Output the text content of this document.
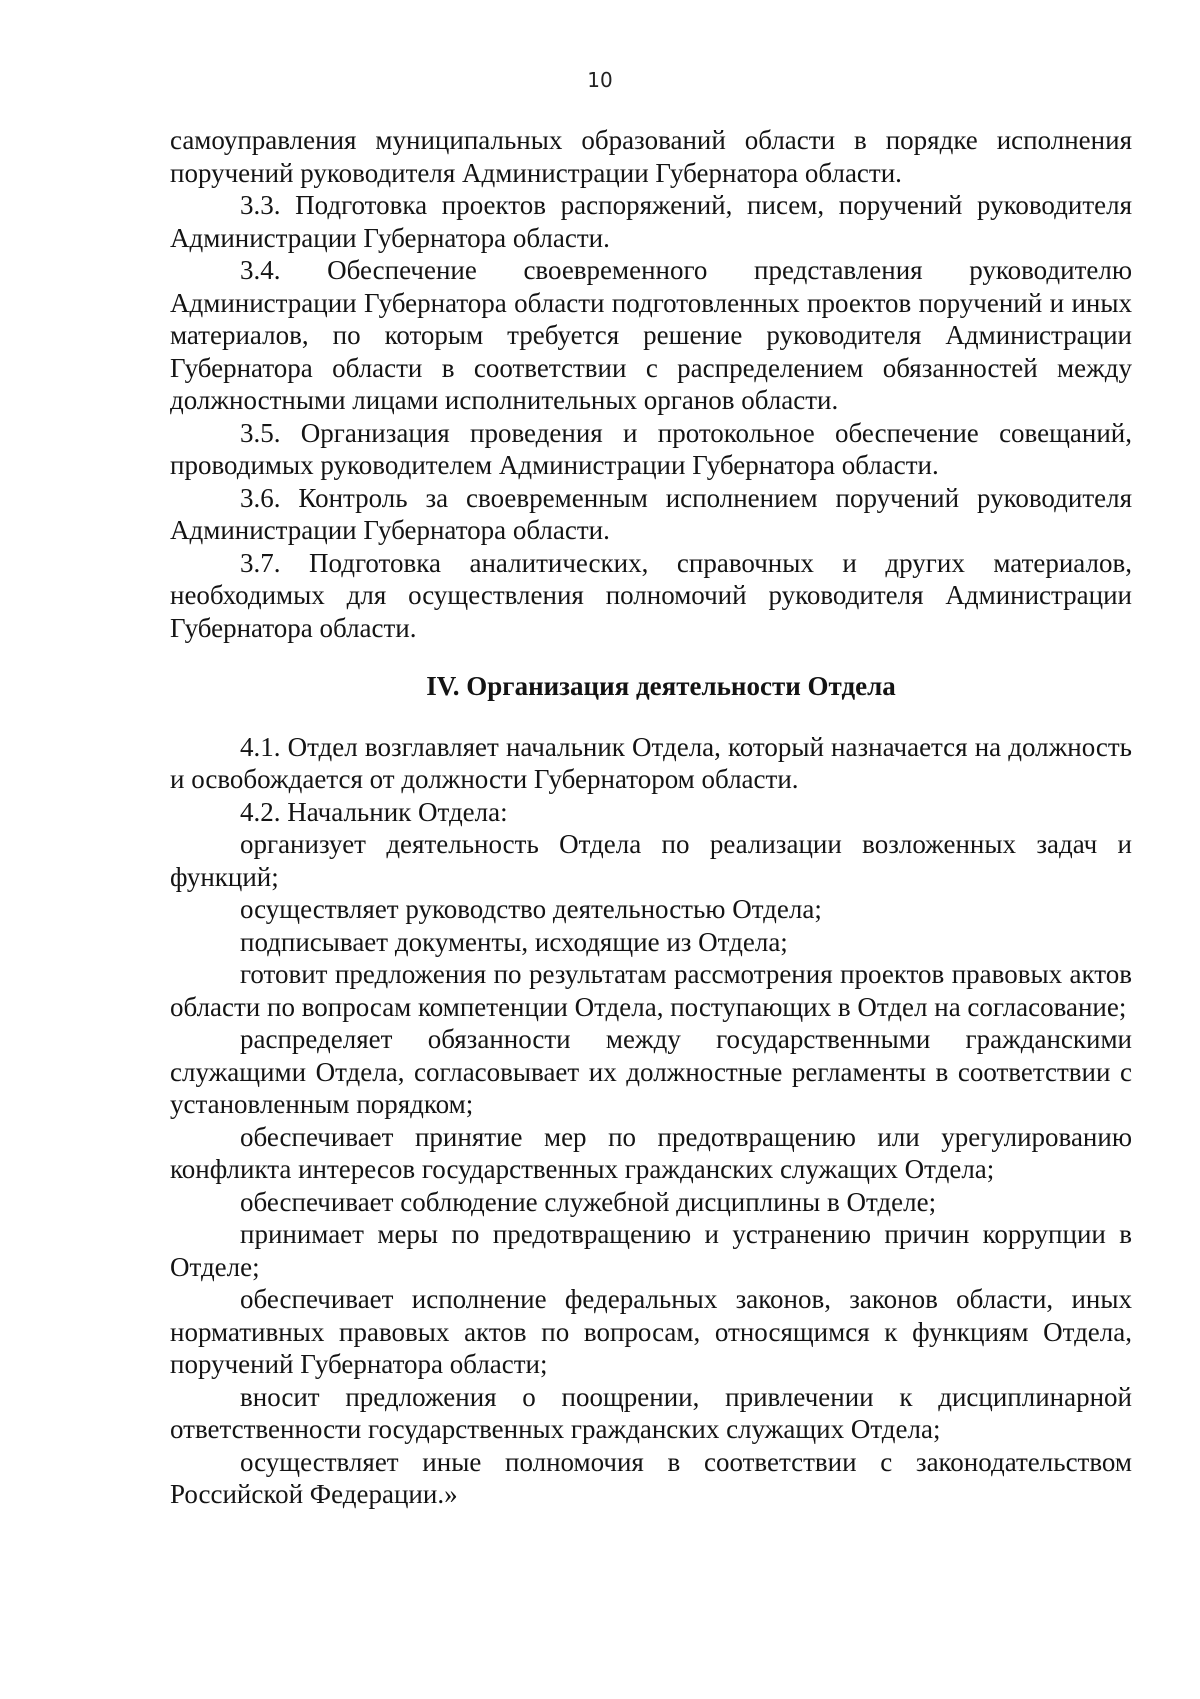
10

самоуправления муниципальных образований области в порядке исполнения поручений руководителя Администрации Губернатора области.

3.3. Подготовка проектов распоряжений, писем, поручений руководителя Администрации Губернатора области.

3.4. Обеспечение своевременного представления руководителю Администрации Губернатора области подготовленных проектов поручений и иных материалов, по которым требуется решение руководителя Администрации Губернатора области в соответствии с распределением обязанностей между должностными лицами исполнительных органов области.

3.5. Организация проведения и протокольное обеспечение совещаний, проводимых руководителем Администрации Губернатора области.

3.6. Контроль за своевременным исполнением поручений руководителя Администрации Губернатора области.

3.7. Подготовка аналитических, справочных и других материалов, необходимых для осуществления полномочий руководителя Администрации Губернатора области.

IV. Организация деятельности Отдела

4.1. Отдел возглавляет начальник Отдела, который назначается на должность и освобождается от должности Губернатором области.

4.2. Начальник Отдела:

организует деятельность Отдела по реализации возложенных задач и функций;

осуществляет руководство деятельностью Отдела;

подписывает документы, исходящие из Отдела;

готовит предложения по результатам рассмотрения проектов правовых актов области по вопросам компетенции Отдела, поступающих в Отдел на согласование;

распределяет обязанности между государственными гражданскими служащими Отдела, согласовывает их должностные регламенты в соответствии с установленным порядком;

обеспечивает принятие мер по предотвращению или урегулированию конфликта интересов государственных гражданских служащих Отдела;

обеспечивает соблюдение служебной дисциплины в Отделе;

принимает меры по предотвращению и устранению причин коррупции в Отделе;

обеспечивает исполнение федеральных законов, законов области, иных нормативных правовых актов по вопросам, относящимся к функциям Отдела, поручений Губернатора области;

вносит предложения о поощрении, привлечении к дисциплинарной ответственности государственных гражданских служащих Отдела;

осуществляет иные полномочия в соответствии с законодательством Российской Федерации.»
